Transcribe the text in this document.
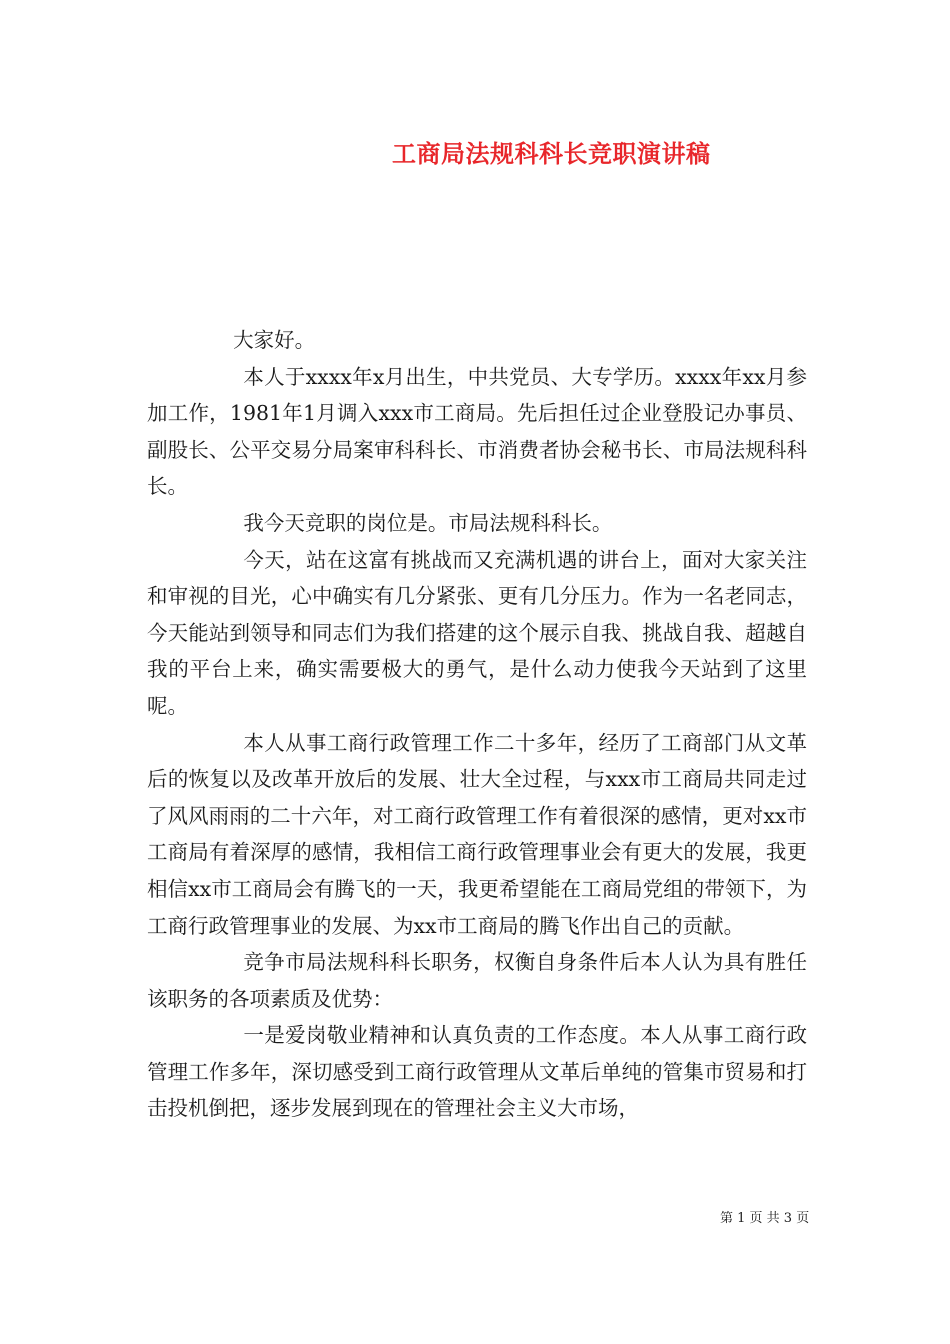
工商局法规科科长竞职演讲稿

大家好。

本人于xxxx年x月出生，中共党员、大专学历。xxxx年xx月参加工作，1981年1月调入xxx市工商局。先后担任过企业登股记办事员、副股长、公平交易分局案审科科长、市消费者协会秘书长、市局法规科科长。

我今天竞职的岗位是。市局法规科科长。

今天，站在这富有挑战而又充满机遇的讲台上，面对大家关注和审视的目光，心中确实有几分紧张、更有几分压力。作为一名老同志，今天能站到领导和同志们为我们搭建的这个展示自我、挑战自我、超越自我的平台上来，确实需要极大的勇气，是什么动力使我今天站到了这里呢。

本人从事工商行政管理工作二十多年，经历了工商部门从文革后的恢复以及改革开放后的发展、壮大全过程，与xxx市工商局共同走过了风风雨雨的二十六年，对工商行政管理工作有着很深的感情，更对xx市工商局有着深厚的感情，我相信工商行政管理事业会有更大的发展，我更相信xx市工商局会有腾飞的一天，我更希望能在工商局党组的带领下，为工商行政管理事业的发展、为xx市工商局的腾飞作出自己的贡献。

竞争市局法规科科长职务，权衡自身条件后本人认为具有胜任该职务的各项素质及优势：

一是爱岗敬业精神和认真负责的工作态度。本人从事工商行政管理工作多年，深切感受到工商行政管理从文革后单纯的管集市贸易和打击投机倒把，逐步发展到现在的管理社会主义大市场，

第 1 页 共 3 页
